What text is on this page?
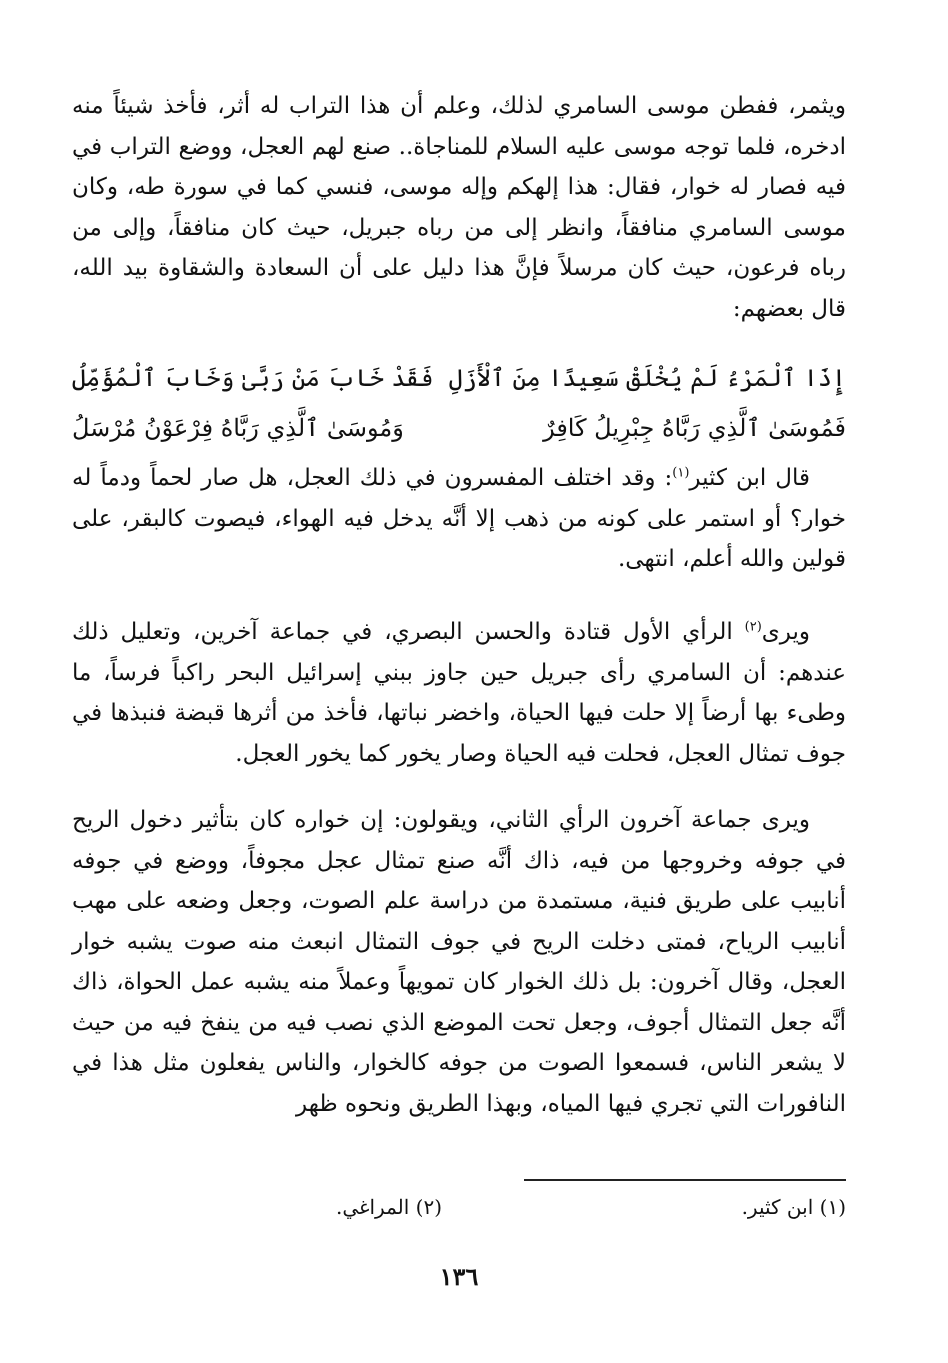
ويثمر، ففطن موسى السامري لذلك، وعلم أن هذا التراب له أثر، فأخذ شيئاً منه ادخره، فلما توجه موسى عليه السلام للمناجاة.. صنع لهم العجل، ووضع التراب في فيه فصار له خوار، فقال: هذا إلهكم وإله موسى، فنسي كما في سورة طه، وكان موسى السامري منافقاً، وانظر إلى من رباه جبريل، حيث كان منافقاً، وإلى من رباه فرعون، حيث كان مرسلاً فإنَّ هذا دليل على أن السعادة والشقاوة بيد الله، قال بعضهم:

إِذَا ٱلْمَرْءُ لَمْ يُخْلَقْ سَعِيدًا مِنَ ٱلْأَزَلِ
فَقَدْ خَابَ مَنْ رَبَّىٰ وَخَابَ ٱلْمُؤَمِّلُ
فَمُوسَىٰ ٱلَّذِي رَبَّاهُ جِبْرِيلُ كَافِرٌ
وَمُوسَىٰ ٱلَّذِي رَبَّاهُ فِرْعَوْنُ مُرْسَلُ

قال ابن كثير$^{(١)}$: وقد اختلف المفسرون في ذلك العجل، هل صار لحماً ودماً له خوار؟ أو استمر على كونه من ذهب إلا أنَّه يدخل فيه الهواء، فيصوت كالبقر، على قولين والله أعلم، انتهى.

ويرى$^{(٢)}$ الرأي الأول قتادة والحسن البصري، في جماعة آخرين، وتعليل ذلك عندهم: أن السامري رأى جبريل حين جاوز ببني إسرائيل البحر راكباً فرساً، ما وطىء بها أرضاً إلا حلت فيها الحياة، واخضر نباتها، فأخذ من أثرها قبضة فنبذها في جوف تمثال العجل، فحلت فيه الحياة وصار يخور كما يخور العجل.

ويرى جماعة آخرون الرأي الثاني، ويقولون: إن خواره كان بتأثير دخول الريح في جوفه وخروجها من فيه، ذاك أنَّه صنع تمثال عجل مجوفاً، ووضع في جوفه أنابيب على طريق فنية، مستمدة من دراسة علم الصوت، وجعل وضعه على مهب أنابيب الرياح، فمتى دخلت الريح في جوف التمثال انبعث منه صوت يشبه خوار العجل، وقال آخرون: بل ذلك الخوار كان تمويهاً وعملاً منه يشبه عمل الحواة، ذاك أنَّه جعل التمثال أجوف، وجعل تحت الموضع الذي نصب فيه من ينفخ فيه من حيث لا يشعر الناس، فسمعوا الصوت من جوفه كالخوار، والناس يفعلون مثل هذا في النافورات التي تجري فيها المياه، وبهذا الطريق ونحوه ظهر

(١) ابن كثير.
(٢) المراغي.
١٣٦
